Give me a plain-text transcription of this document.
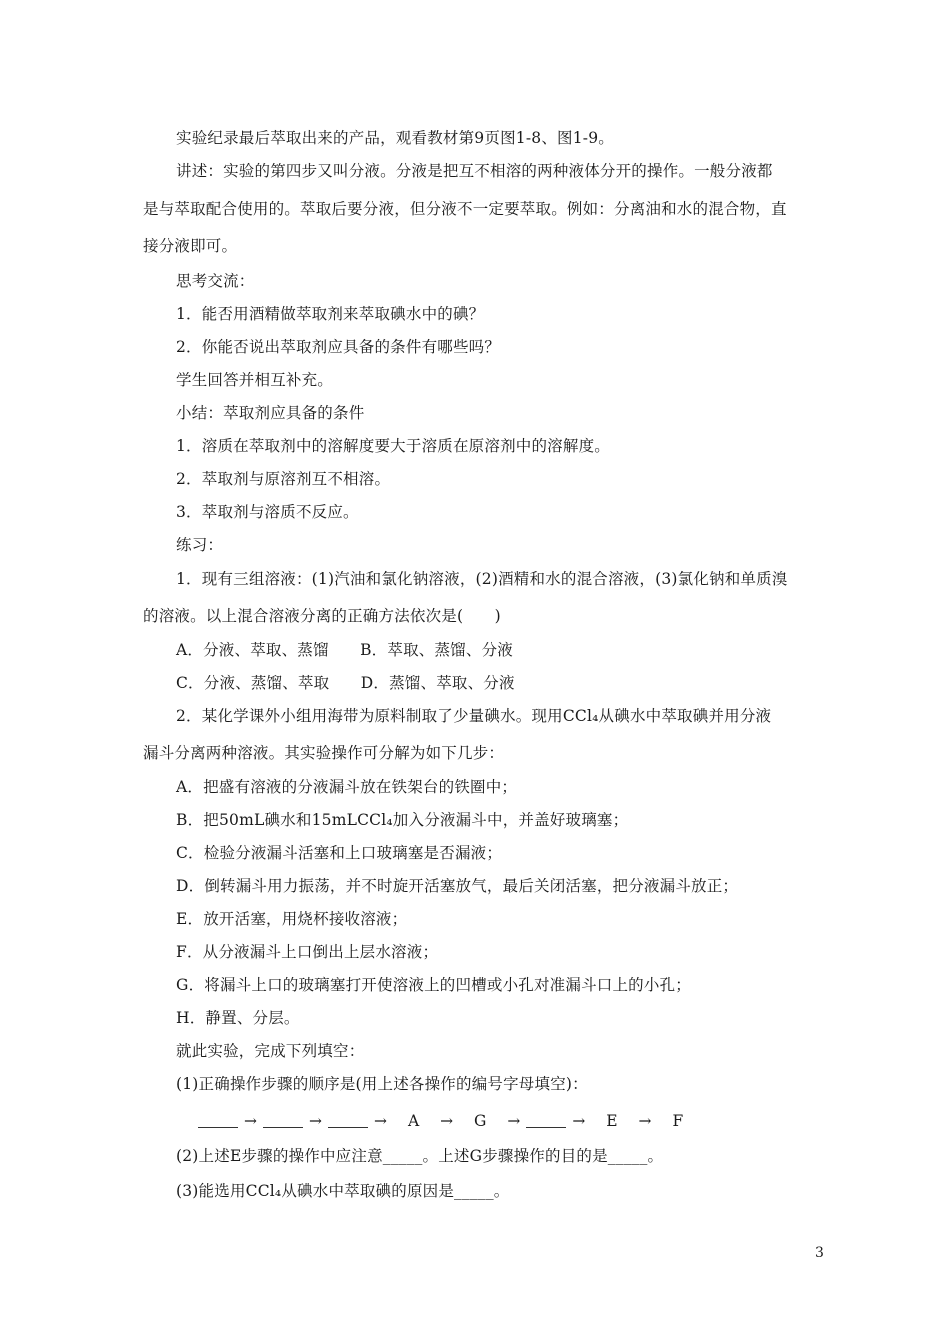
实验纪录最后萃取出来的产品，观看教材第9页图1-8、图1-9。
讲述：实验的第四步又叫分液。分液是把互不相溶的两种液体分开的操作。一般分液都
是与萃取配合使用的。萃取后要分液，但分液不一定要萃取。例如：分离油和水的混合物，直
接分液即可。
思考交流：
1．能否用酒精做萃取剂来萃取碘水中的碘？
2．你能否说出萃取剂应具备的条件有哪些吗？
学生回答并相互补充。
小结：萃取剂应具备的条件
1．溶质在萃取剂中的溶解度要大于溶质在原溶剂中的溶解度。
2．萃取剂与原溶剂互不相溶。
3．萃取剂与溶质不反应。
练习：
1．现有三组溶液：(1)汽油和氯化钠溶液，(2)酒精和水的混合溶液，(3)氯化钠和单质溴
的溶液。以上混合溶液分离的正确方法依次是(　　)
A．分液、萃取、蒸馏　　B．萃取、蒸馏、分液
C．分液、蒸馏、萃取　　D．蒸馏、萃取、分液
2．某化学课外小组用海带为原料制取了少量碘水。现用CCl₄从碘水中萃取碘并用分液
漏斗分离两种溶液。其实验操作可分解为如下几步：
A．把盛有溶液的分液漏斗放在铁架台的铁圈中；
B．把50mL碘水和15mLCCl₄加入分液漏斗中，并盖好玻璃塞；
C．检验分液漏斗活塞和上口玻璃塞是否漏液；
D．倒转漏斗用力振荡，并不时旋开活塞放气，最后关闭活塞，把分液漏斗放正；
E．放开活塞，用烧杯接收溶液；
F．从分液漏斗上口倒出上层水溶液；
G．将漏斗上口的玻璃塞打开使溶液上的凹槽或小孔对准漏斗口上的小孔；
H．静置、分层。
就此实验，完成下列填空：
(1)正确操作步骤的顺序是(用上述各操作的编号字母填空)：
→	→	→ A → G →	→ E → F
(2)上述E步骤的操作中应注意_____。上述G步骤操作的目的是_____。
(3)能选用CCl₄从碘水中萃取碘的原因是_____。
3
